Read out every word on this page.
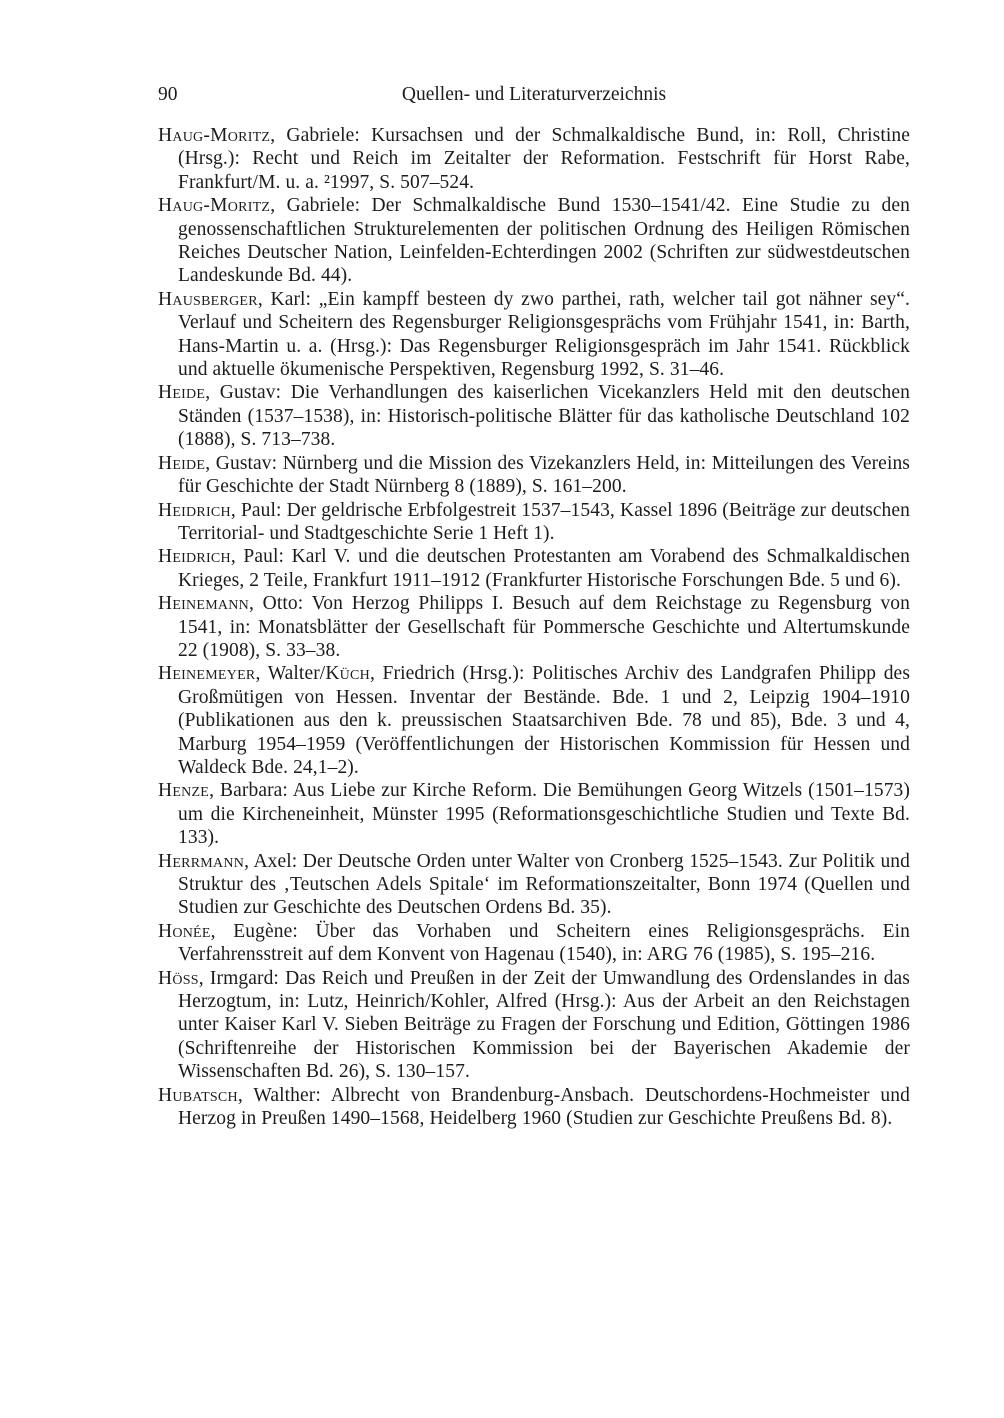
90	Quellen- und Literaturverzeichnis

Haug-Moritz, Gabriele: Kursachsen und der Schmalkaldische Bund, in: Roll, Christine (Hrsg.): Recht und Reich im Zeitalter der Reformation. Festschrift für Horst Rabe, Frankfurt/M. u. a. ²1997, S. 507–524.

Haug-Moritz, Gabriele: Der Schmalkaldische Bund 1530–1541/42. Eine Studie zu den genossenschaftlichen Strukturelementen der politischen Ordnung des Heiligen Römischen Reiches Deutscher Nation, Leinfelden-Echterdingen 2002 (Schriften zur südwestdeutschen Landeskunde Bd. 44).

Hausberger, Karl: „Ein kampff besteen dy zwo parthei, rath, welcher tail got nähner sey“. Verlauf und Scheitern des Regensburger Religionsgesprächs vom Frühjahr 1541, in: Barth, Hans-Martin u. a. (Hrsg.): Das Regensburger Religionsgespräch im Jahr 1541. Rückblick und aktuelle ökumenische Perspektiven, Regensburg 1992, S. 31–46.

Heide, Gustav: Die Verhandlungen des kaiserlichen Vicekanzlers Held mit den deutschen Ständen (1537–1538), in: Historisch-politische Blätter für das katholische Deutschland 102 (1888), S. 713–738.

Heide, Gustav: Nürnberg und die Mission des Vizekanzlers Held, in: Mitteilungen des Vereins für Geschichte der Stadt Nürnberg 8 (1889), S. 161–200.

Heidrich, Paul: Der geldrische Erbfolgestreit 1537–1543, Kassel 1896 (Beiträge zur deutschen Territorial- und Stadtgeschichte Serie 1 Heft 1).

Heidrich, Paul: Karl V. und die deutschen Protestanten am Vorabend des Schmalkaldischen Krieges, 2 Teile, Frankfurt 1911–1912 (Frankfurter Historische Forschungen Bde. 5 und 6).

Heinemann, Otto: Von Herzog Philipps I. Besuch auf dem Reichstage zu Regensburg von 1541, in: Monatsblätter der Gesellschaft für Pommersche Geschichte und Altertumskunde 22 (1908), S. 33–38.

Heinemeyer, Walter/Küch, Friedrich (Hrsg.): Politisches Archiv des Landgrafen Philipp des Großmütigen von Hessen. Inventar der Bestände. Bde. 1 und 2, Leipzig 1904–1910 (Publikationen aus den k. preussischen Staatsarchiven Bde. 78 und 85), Bde. 3 und 4, Marburg 1954–1959 (Veröffentlichungen der Historischen Kommission für Hessen und Waldeck Bde. 24,1–2).

Henze, Barbara: Aus Liebe zur Kirche Reform. Die Bemühungen Georg Witzels (1501–1573) um die Kircheneinheit, Münster 1995 (Reformationsgeschichtliche Studien und Texte Bd. 133).

Herrmann, Axel: Der Deutsche Orden unter Walter von Cronberg 1525–1543. Zur Politik und Struktur des ‚Teutschen Adels Spitale‘ im Reformationszeitalter, Bonn 1974 (Quellen und Studien zur Geschichte des Deutschen Ordens Bd. 35).

Honée, Eugène: Über das Vorhaben und Scheitern eines Religionsgesprächs. Ein Verfahrensstreit auf dem Konvent von Hagenau (1540), in: ARG 76 (1985), S. 195–216.

Höss, Irmgard: Das Reich und Preußen in der Zeit der Umwandlung des Ordenslandes in das Herzogtum, in: Lutz, Heinrich/Kohler, Alfred (Hrsg.): Aus der Arbeit an den Reichstagen unter Kaiser Karl V. Sieben Beiträge zu Fragen der Forschung und Edition, Göttingen 1986 (Schriftenreihe der Historischen Kommission bei der Bayerischen Akademie der Wissenschaften Bd. 26), S. 130–157.

Hubatsch, Walther: Albrecht von Brandenburg-Ansbach. Deutschordens-Hochmeister und Herzog in Preußen 1490–1568, Heidelberg 1960 (Studien zur Geschichte Preußens Bd. 8).
